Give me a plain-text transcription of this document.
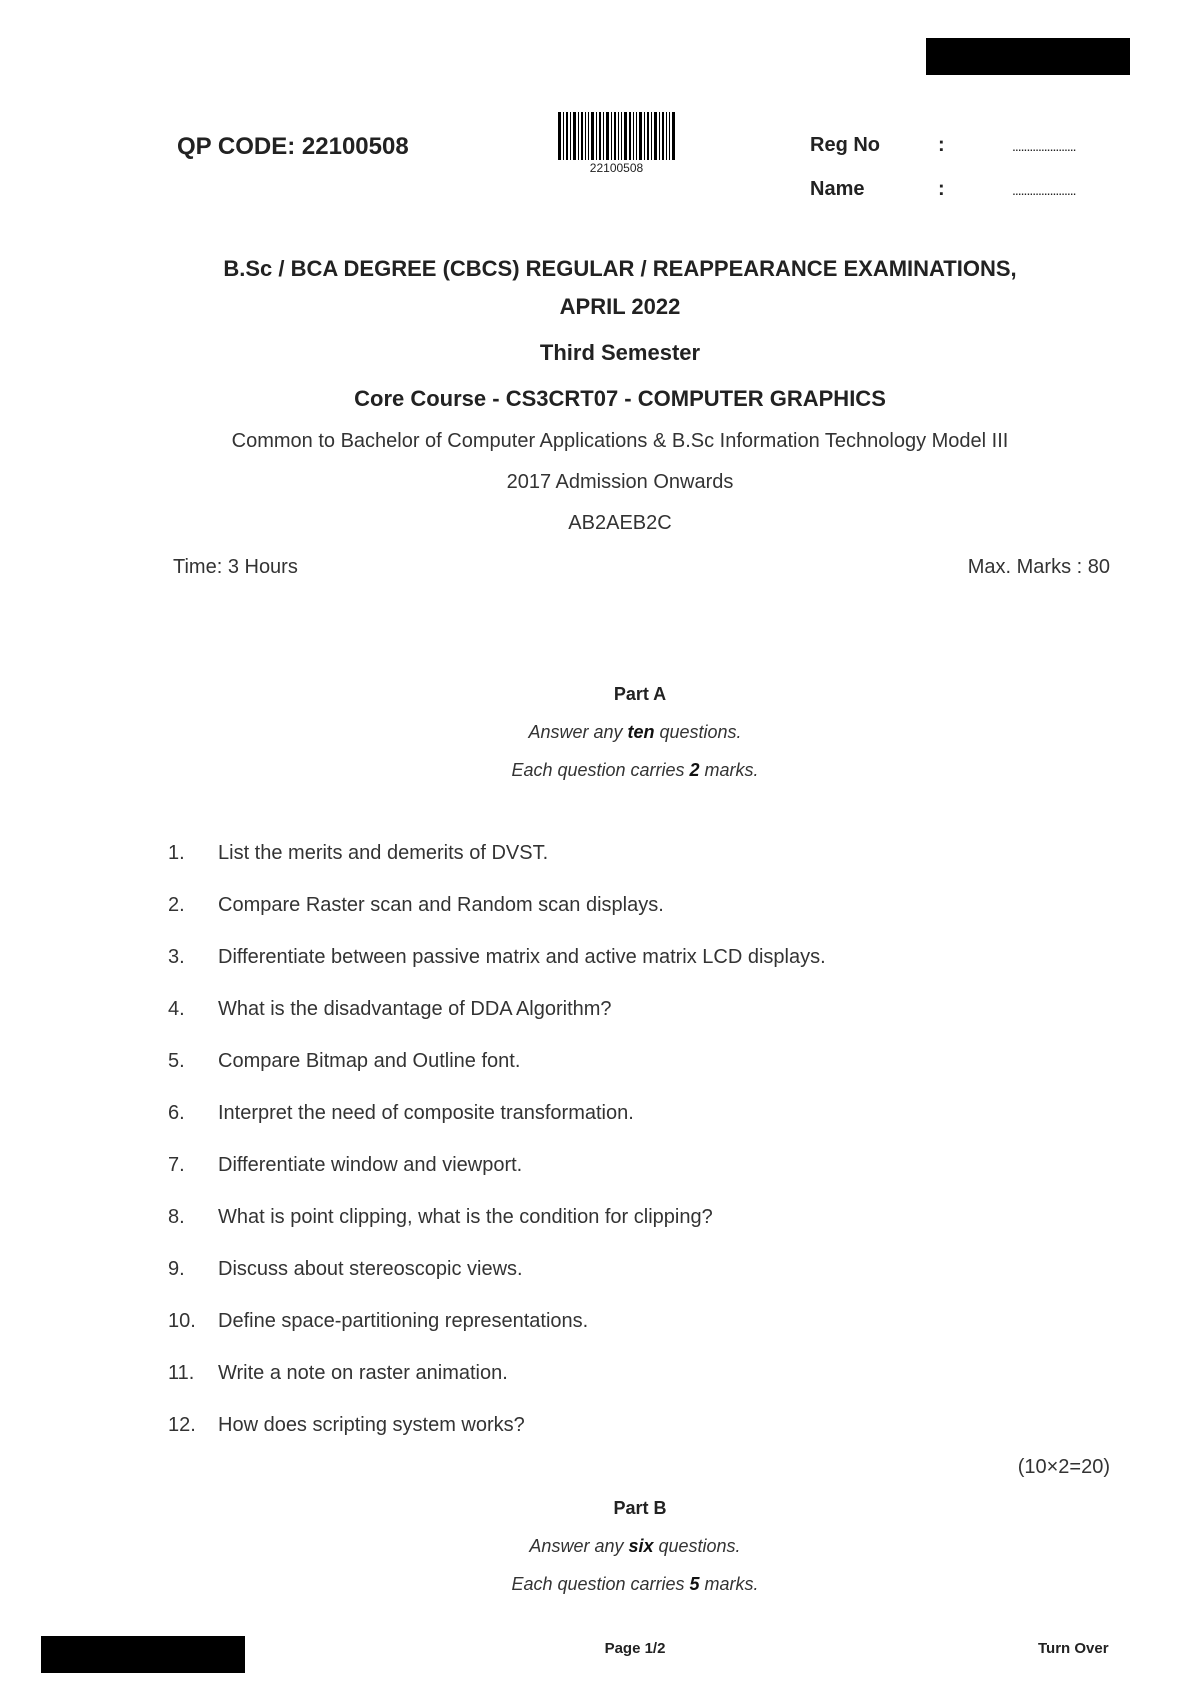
QP CODE: 22100508
22100508
Reg No	:	......................
Name	:	......................
B.Sc / BCA DEGREE (CBCS) REGULAR / REAPPEARANCE EXAMINATIONS,
APRIL 2022
Third Semester
Core Course - CS3CRT07 - COMPUTER GRAPHICS
Common to Bachelor of Computer Applications & B.Sc Information Technology Model III
2017 Admission Onwards
AB2AEB2C
Time: 3 Hours	Max. Marks : 80
Part A
Answer any ten questions.
Each question carries 2 marks.
1. List the merits and demerits of DVST.
2. Compare Raster scan and Random scan displays.
3. Differentiate between passive matrix and active matrix LCD displays.
4. What is the disadvantage of DDA Algorithm?
5. Compare Bitmap and Outline font.
6. Interpret the need of composite transformation.
7. Differentiate window and viewport.
8. What is point clipping, what is the condition for clipping?
9. Discuss about stereoscopic views.
10. Define space-partitioning representations.
11. Write a note on raster animation.
12. How does scripting system works?
(10×2=20)
Part B
Answer any six questions.
Each question carries 5 marks.
Page 1/2	Turn Over
